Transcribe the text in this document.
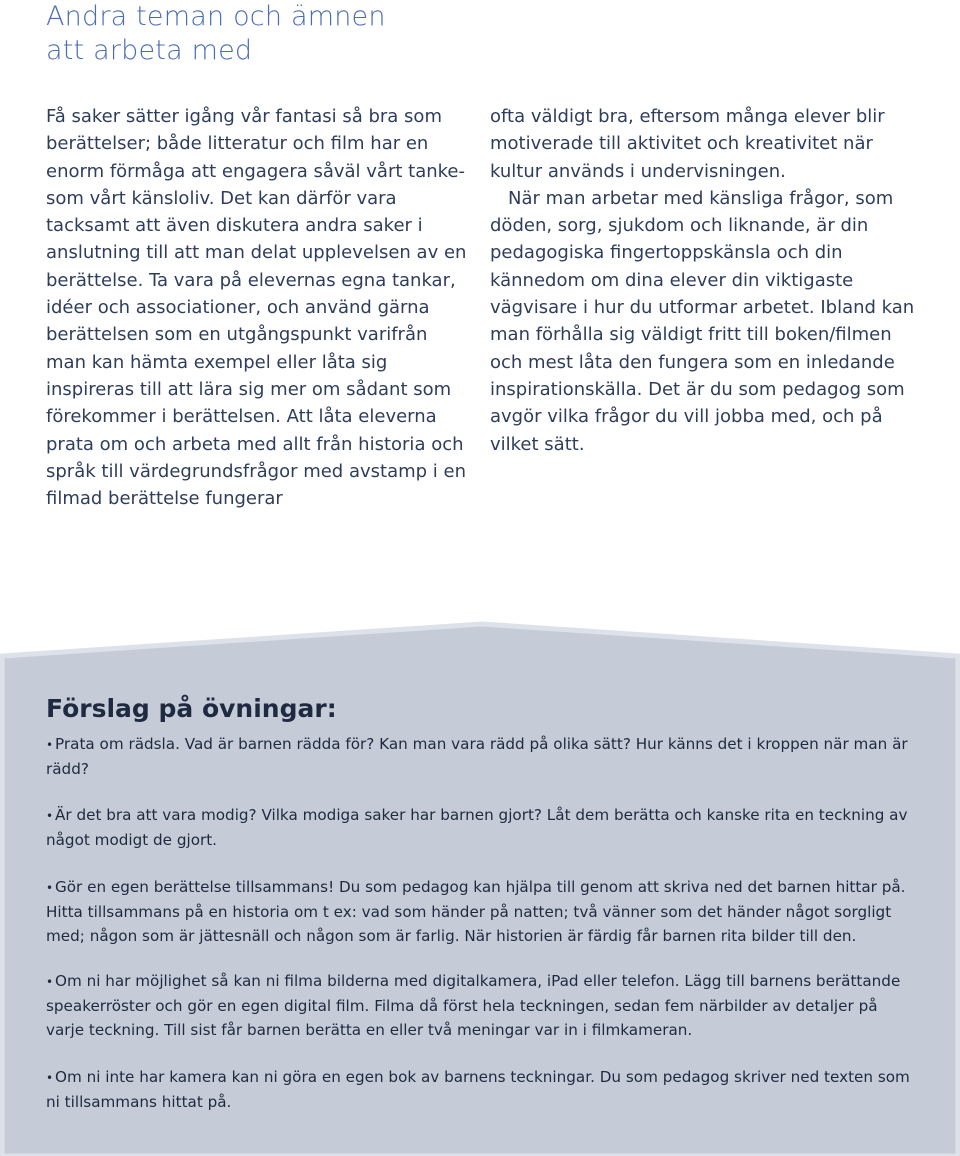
Andra teman och ämnen
att arbeta med

Få saker sätter igång vår fantasi så bra som berättelser; både litteratur och film har en enorm förmåga att engagera såväl vårt tanke- som vårt känsloliv. Det kan därför vara tacksamt att även diskutera andra saker i anslutning till att man delat upplevelsen av en berättelse. Ta vara på elevernas egna tankar, idéer och associationer, och använd gärna berättelsen som en utgångspunkt varifrån man kan hämta exempel eller låta sig inspireras till att lära sig mer om sådant som förekommer i berättelsen. Att låta eleverna prata om och arbeta med allt från historia och språk till värdegrundsfrågor med avstamp i en filmad berättelse fungerar

ofta väldigt bra, eftersom många elever blir motiverade till aktivitet och kreativitet när kultur används i undervisningen.

När man arbetar med känsliga frågor, som döden, sorg, sjukdom och liknande, är din pedagogiska fingertoppskänsla och din kännedom om dina elever din viktigaste vägvisare i hur du utformar arbetet. Ibland kan man förhålla sig väldigt fritt till boken/filmen och mest låta den fungera som en inledande inspirationskälla. Det är du som pedagog som avgör vilka frågor du vill jobba med, och på vilket sätt.

Förslag på övningar:
• Prata om rädsla. Vad är barnen rädda för? Kan man vara rädd på olika sätt? Hur känns det i kroppen när man är rädd?
• Är det bra att vara modig? Vilka modiga saker har barnen gjort? Låt dem berätta och kanske rita en teckning av något modigt de gjort.
• Gör en egen berättelse tillsammans! Du som pedagog kan hjälpa till genom att skriva ned det barnen hittar på. Hitta tillsammans på en historia om t ex: vad som händer på natten; två vänner som det händer något sorgligt med; någon som är jättesnäll och någon som är farlig. När historien är färdig får barnen rita bilder till den.
• Om ni har möjlighet så kan ni filma bilderna med digitalkamera, iPad eller telefon. Lägg till barnens berättande speakerröster och gör en egen digital film. Filma då först hela teckningen, sedan fem närbilder av detaljer på varje teckning. Till sist får barnen berätta en eller två meningar var in i filmkameran.
• Om ni inte har kamera kan ni göra en egen bok av barnens teckningar. Du som pedagog skriver ned texten som ni tillsammans hittat på.
